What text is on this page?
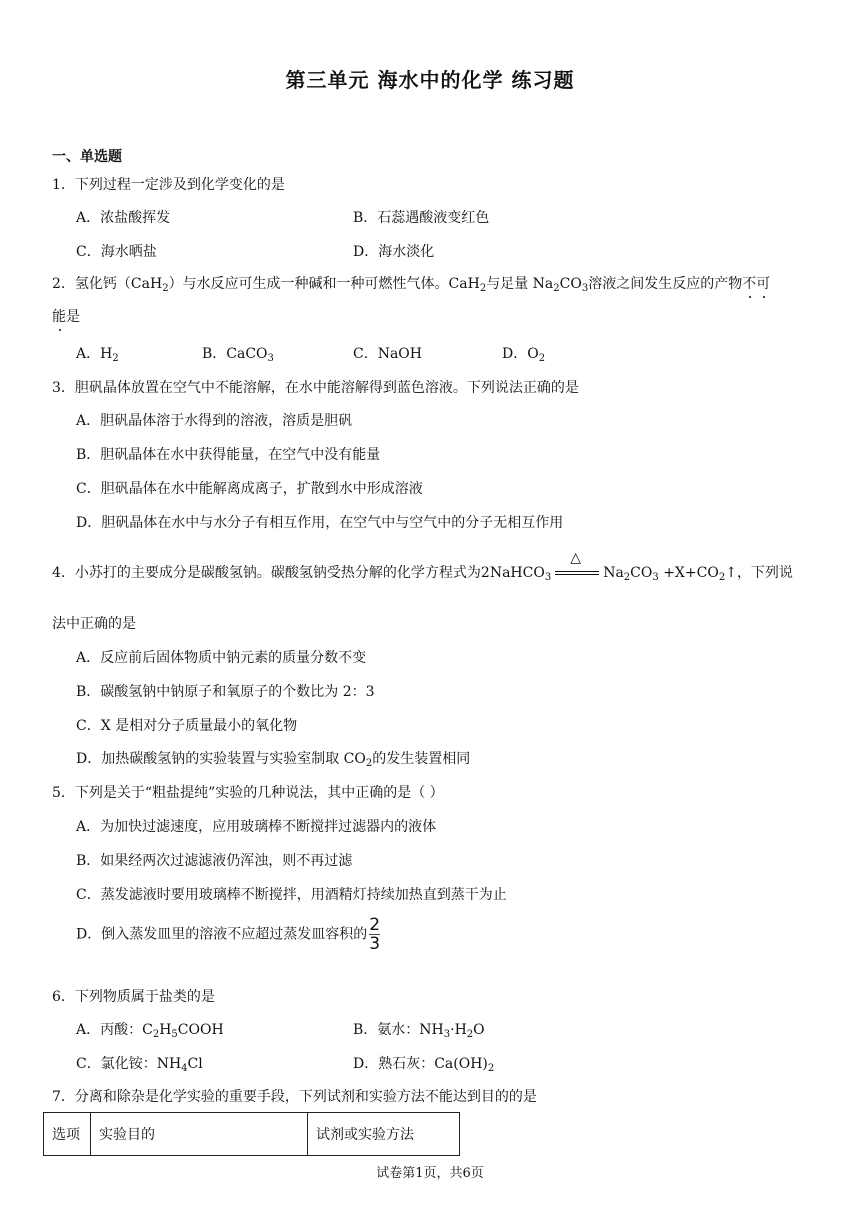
第三单元 海水中的化学 练习题
一、单选题
1．下列过程一定涉及到化学变化的是
A．浓盐酸挥发	B．石蕊遇酸液变红色
C．海水晒盐	D．海水淡化
2．氢化钙（CaH$_2$）与水反应可生成一种碱和一种可燃性气体。CaH$_2$与足量 $Na_2CO_3$溶液之间发生反应的产物不可
能是
A．$H_2$	B．CaCO$_3$	C．NaOH	D．$O_2$
3．胆矾晶体放置在空气中不能溶解，在水中能溶解得到蓝色溶液。下列说法正确的是
A．胆矾晶体溶于水得到的溶液，溶质是胆矾
B．胆矾晶体在水中获得能量，在空气中没有能量
C．胆矾晶体在水中能解离成离子，扩散到水中形成溶液
D．胆矾晶体在水中与水分子有相互作用，在空气中与空气中的分子无相互作用
4．小苏打的主要成分是碳酸氢钠。碳酸氢钠受热分解的化学方程式为2NaHCO$_3$
△
$Na_2CO_3$ $+X+CO_2↑$，下列说
法中正确的是
A．反应前后固体物质中钠元素的质量分数不变
B．碳酸氢钠中钠原子和氧原子的个数比为 2：3
C．X 是相对分子质量最小的氧化物
D．加热碳酸氢钠的实验装置与实验室制取 $CO_2$的发生装置相同
5．下列是关于“粗盐提纯”实验的几种说法，其中正确的是（ ）
A．为加快过滤速度，应用玻璃棒不断搅拌过滤器内的液体
B．如果经两次过滤滤液仍浑浊，则不再过滤
C．蒸发滤液时要用玻璃棒不断搅拌，用酒精灯持续加热直到蒸干为止
D．倒入蒸发皿里的溶液不应超过蒸发皿容积的 $\frac{2}{3}$
6．下列物质属于盐类的是
A．丙酸：$C_2H_5COOH$	B．氨水：$NH_3\cdot H_2O$
C．氯化铵：$NH_4Cl$	D．熟石灰：$Ca(OH)_2$
7．分离和除杂是化学实验的重要手段，下列试剂和实验方法不能达到目的的是
选项	实验目的	试剂或实验方法
试卷第1页，共6页
